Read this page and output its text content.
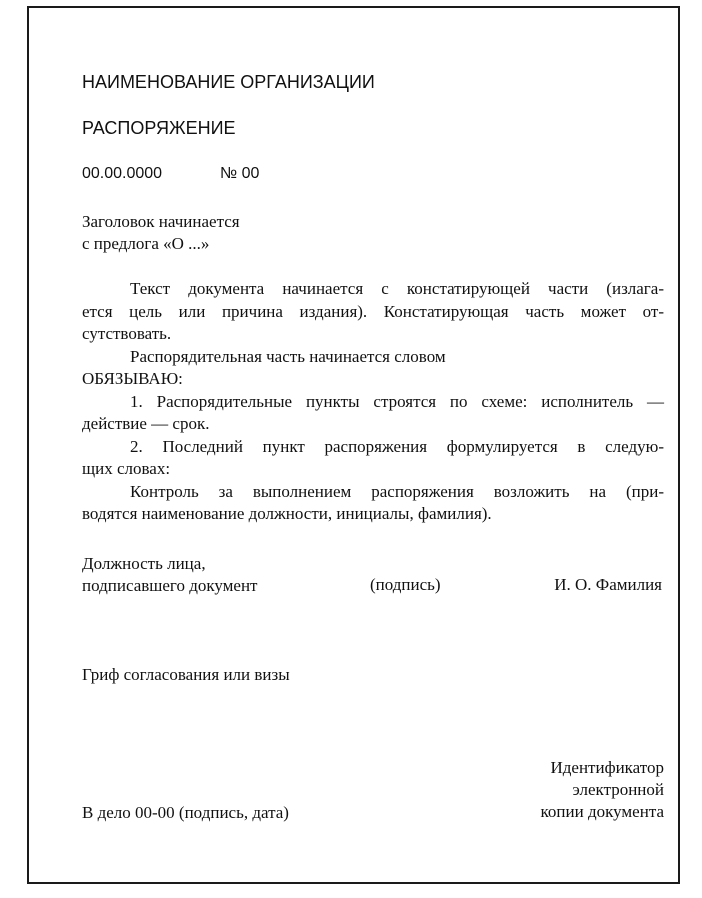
НАИМЕНОВАНИЕ ОРГАНИЗАЦИИ
РАСПОРЯЖЕНИЕ
00.00.0000	№ 00
Заголовок начинается
с предлога «О ...»
Текст документа начинается с констатирующей части (излага-
ется цель или причина издания). Констатирующая часть может от-
сутствовать.
Распорядительная часть начинается словом
ОБЯЗЫВАЮ:
1. Распорядительные пункты строятся по схеме: исполнитель —
действие — срок.
2. Последний пункт распоряжения формулируется в следую-
щих словах:
Контроль за выполнением распоряжения возложить на (при-
водятся наименование должности, инициалы, фамилия).
Должность лица,
подписавшего документ	(подпись)	И. О. Фамилия
Гриф согласования или визы
Идентификатор
электронной
копии документа
В дело 00-00 (подпись, дата)
